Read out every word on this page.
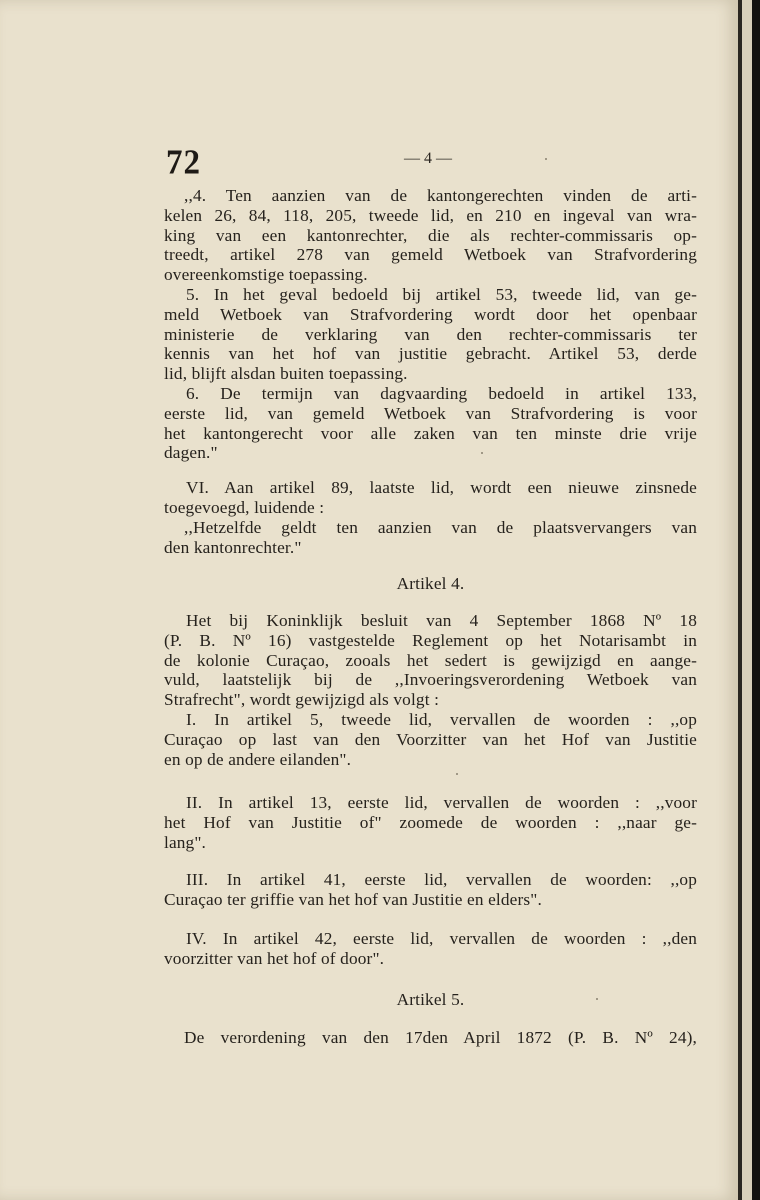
72	— 4 —
,,4. Ten aanzien van de kantongerechten vinden de arti-
kelen 26, 84, 118, 205, tweede lid, en 210 en ingeval van wra-
king van een kantonrechter, die als rechter-commissaris op-
treedt, artikel 278 van gemeld Wetboek van Strafvordering
overeenkomstige toepassing.
5. In het geval bedoeld bij artikel 53, tweede lid, van ge-
meld Wetboek van Strafvordering wordt door het openbaar
ministerie de verklaring van den rechter-commissaris ter
kennis van het hof van justitie gebracht. Artikel 53, derde
lid, blijft alsdan buiten toepassing.
6. De termijn van dagvaarding bedoeld in artikel 133,
eerste lid, van gemeld Wetboek van Strafvordering is voor
het kantongerecht voor alle zaken van ten minste drie vrije
dagen."
VI. Aan artikel 89, laatste lid, wordt een nieuwe zinsnede
toegevoegd, luidende :
,,Hetzelfde geldt ten aanzien van de plaatsvervangers van
den kantonrechter."
Artikel 4.
Het bij Koninklijk besluit van 4 September 1868 Nº 18
(P. B. Nº 16) vastgestelde Reglement op het Notarisambt in
de kolonie Curaçao, zooals het sedert is gewijzigd en aange-
vuld, laatstelijk bij de ,,Invoeringsverordening Wetboek van
Strafrecht", wordt gewijzigd als volgt :
I. In artikel 5, tweede lid, vervallen de woorden : ,,op
Curaçao op last van den Voorzitter van het Hof van Justitie
en op de andere eilanden".
II. In artikel 13, eerste lid, vervallen de woorden : ,,voor
het Hof van Justitie of" zoomede de woorden : ,,naar ge-
lang".
III. In artikel 41, eerste lid, vervallen de woorden: ,,op
Curaçao ter griffie van het hof van Justitie en elders".
IV. In artikel 42, eerste lid, vervallen de woorden : ,,den
voorzitter van het hof of door".
Artikel 5.
De verordening van den 17den April 1872 (P. B. Nº 24),
